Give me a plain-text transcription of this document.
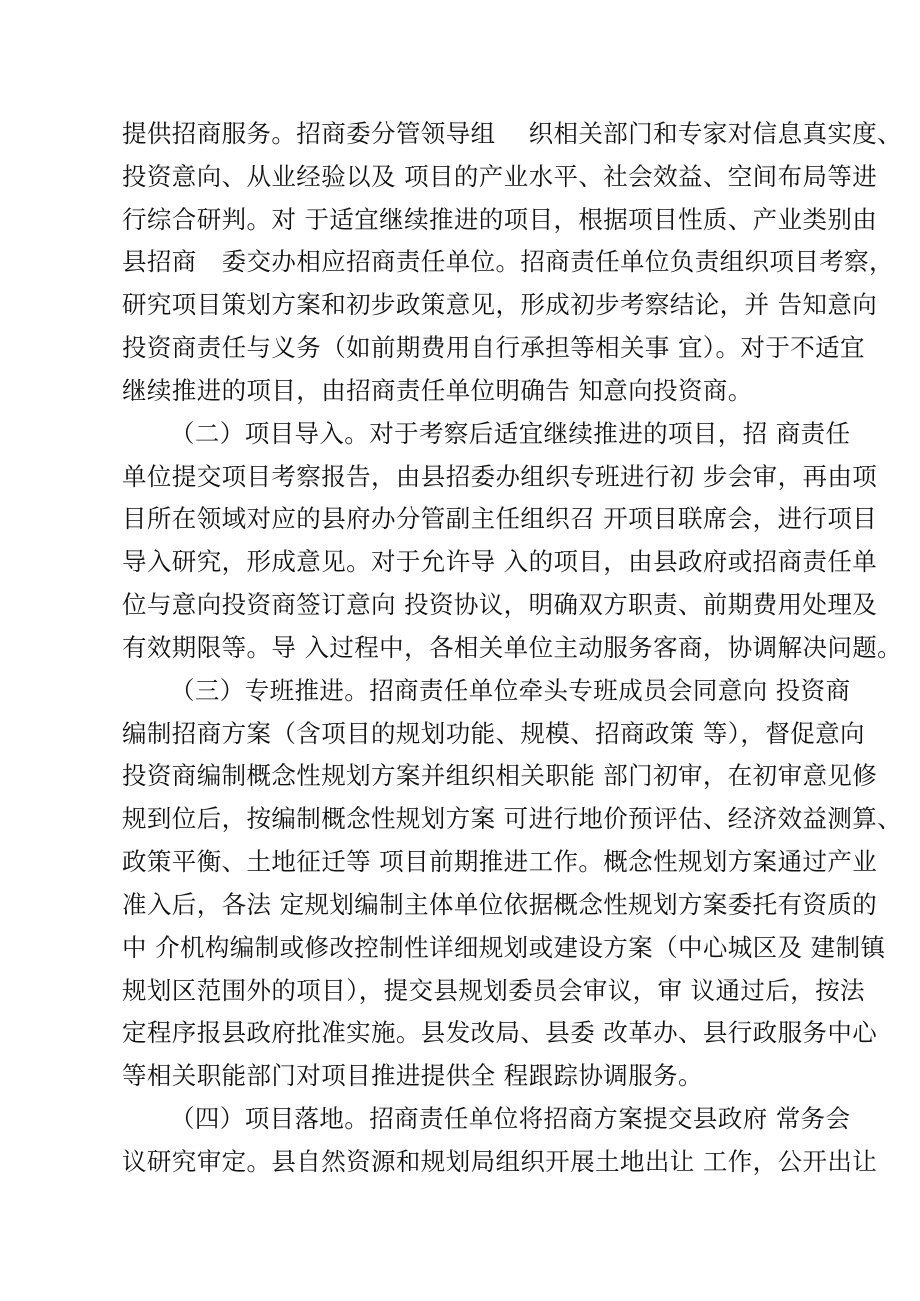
提供招商服务。招商委分管领导组　 织相关部门和专家对信息真实度、
投资意向、从业经验以及 项目的产业水平、社会效益、空间布局等进
行综合研判。对 于适宜继续推进的项目，根据项目性质、产业类别由
县招商　委交办相应招商责任单位。招商责任单位负责组织项目考察，
研究项目策划方案和初步政策意见，形成初步考察结论，并 告知意向
投资商责任与义务（如前期费用自行承担等相关事 宜）。对于不适宜
继续推进的项目，由招商责任单位明确告 知意向投资商。
（二）项目导入。对于考察后适宜继续推进的项目，招 商责任
单位提交项目考察报告，由县招委办组织专班进行初 步会审，再由项
目所在领域对应的县府办分管副主任组织召 开项目联席会，进行项目
导入研究，形成意见。对于允许导 入的项目，由县政府或招商责任单
位与意向投资商签订意向 投资协议，明确双方职责、前期费用处理及
有效期限等。导 入过程中，各相关单位主动服务客商，协调解决问题。
（三）专班推进。招商责任单位牵头专班成员会同意向 投资商
编制招商方案（含项目的规划功能、规模、招商政策 等），督促意向
投资商编制概念性规划方案并组织相关职能 部门初审，在初审意见修
规到位后，按编制概念性规划方案 可进行地价预评估、经济效益测算、
政策平衡、土地征迁等 项目前期推进工作。概念性规划方案通过产业
准入后，各法 定规划编制主体单位依据概念性规划方案委托有资质的
中 介机构编制或修改控制性详细规划或建设方案（中心城区及 建制镇
规划区范围外的项目），提交县规划委员会审议，审 议通过后，按法
定程序报县政府批准实施。县发改局、县委 改革办、县行政服务中心
等相关职能部门对项目推进提供全 程跟踪协调服务。
（四）项目落地。招商责任单位将招商方案提交县政府 常务会
议研究审定。县自然资源和规划局组织开展土地出让 工作，公开出让
